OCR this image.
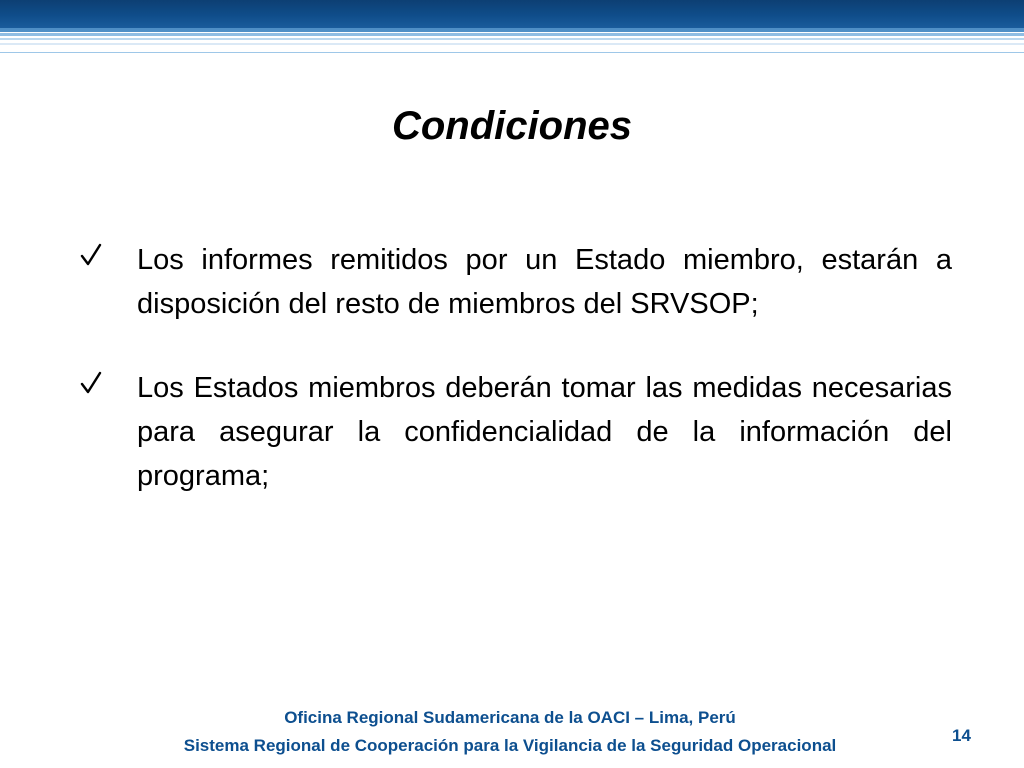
Condiciones
Los informes remitidos por un Estado miembro, estarán a disposición del resto de miembros del SRVSOP;
Los Estados miembros deberán tomar las medidas necesarias para asegurar la confidencialidad de la información del programa;
Oficina Regional Sudamericana de la OACI – Lima, Perú
Sistema Regional de Cooperación para la Vigilancia de la Seguridad Operacional
14
